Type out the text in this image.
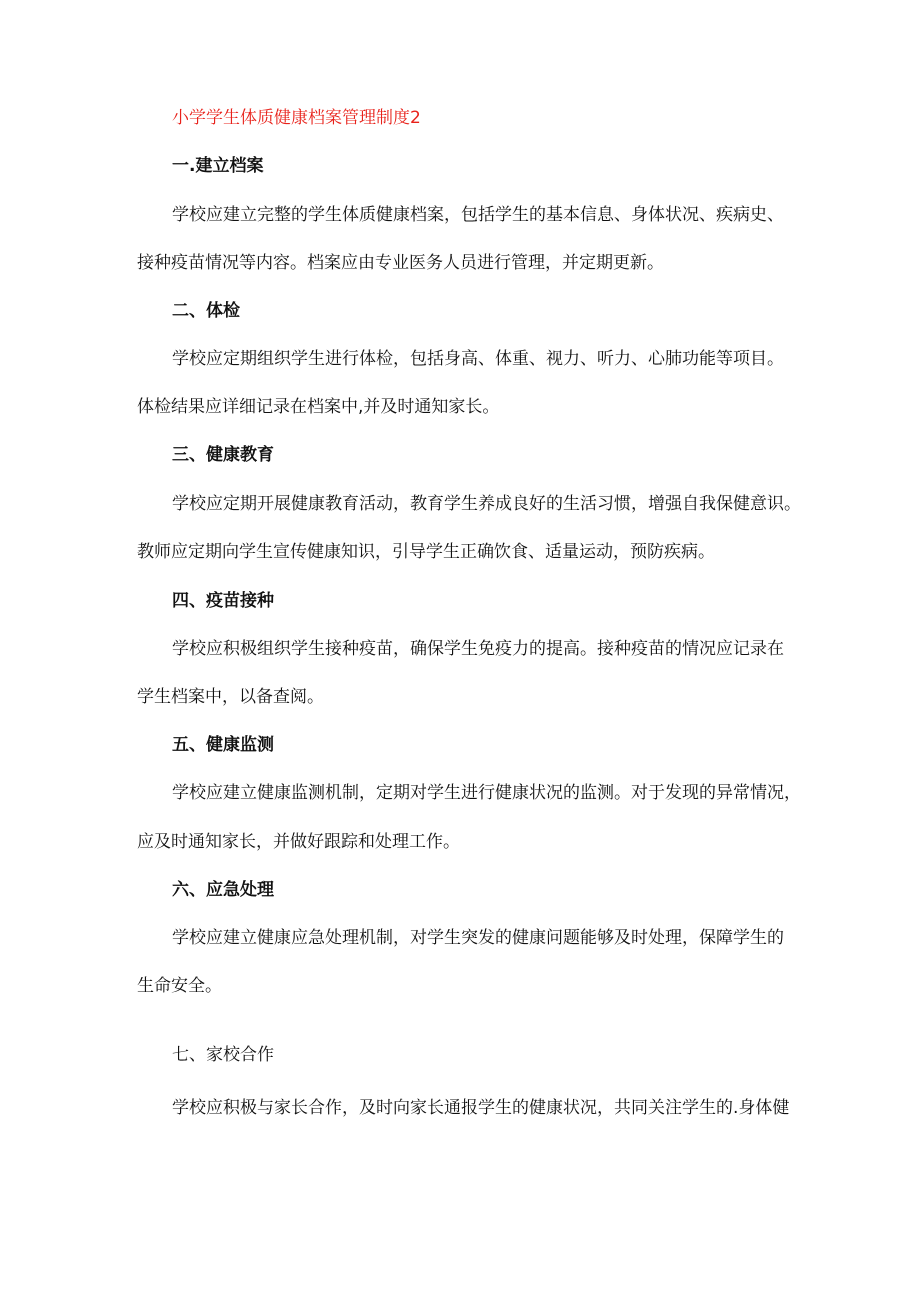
小学学生体质健康档案管理制度2
一.建立档案
学校应建立完整的学生体质健康档案，包括学生的基本信息、身体状况、疾病史、
接种疫苗情况等内容。档案应由专业医务人员进行管理，并定期更新。
二、体检
学校应定期组织学生进行体检，包括身高、体重、视力、听力、心肺功能等项目。
体检结果应详细记录在档案中,并及时通知家长。
三、健康教育
学校应定期开展健康教育活动，教育学生养成良好的生活习惯，增强自我保健意识。
教师应定期向学生宣传健康知识，引导学生正确饮食、适量运动，预防疾病。
四、疫苗接种
学校应积极组织学生接种疫苗，确保学生免疫力的提高。接种疫苗的情况应记录在
学生档案中，以备查阅。
五、健康监测
学校应建立健康监测机制，定期对学生进行健康状况的监测。对于发现的异常情况，
应及时通知家长，并做好跟踪和处理工作。
六、应急处理
学校应建立健康应急处理机制，对学生突发的健康问题能够及时处理，保障学生的
生命安全。
七、家校合作
学校应积极与家长合作，及时向家长通报学生的健康状况，共同关注学生的.身体健
